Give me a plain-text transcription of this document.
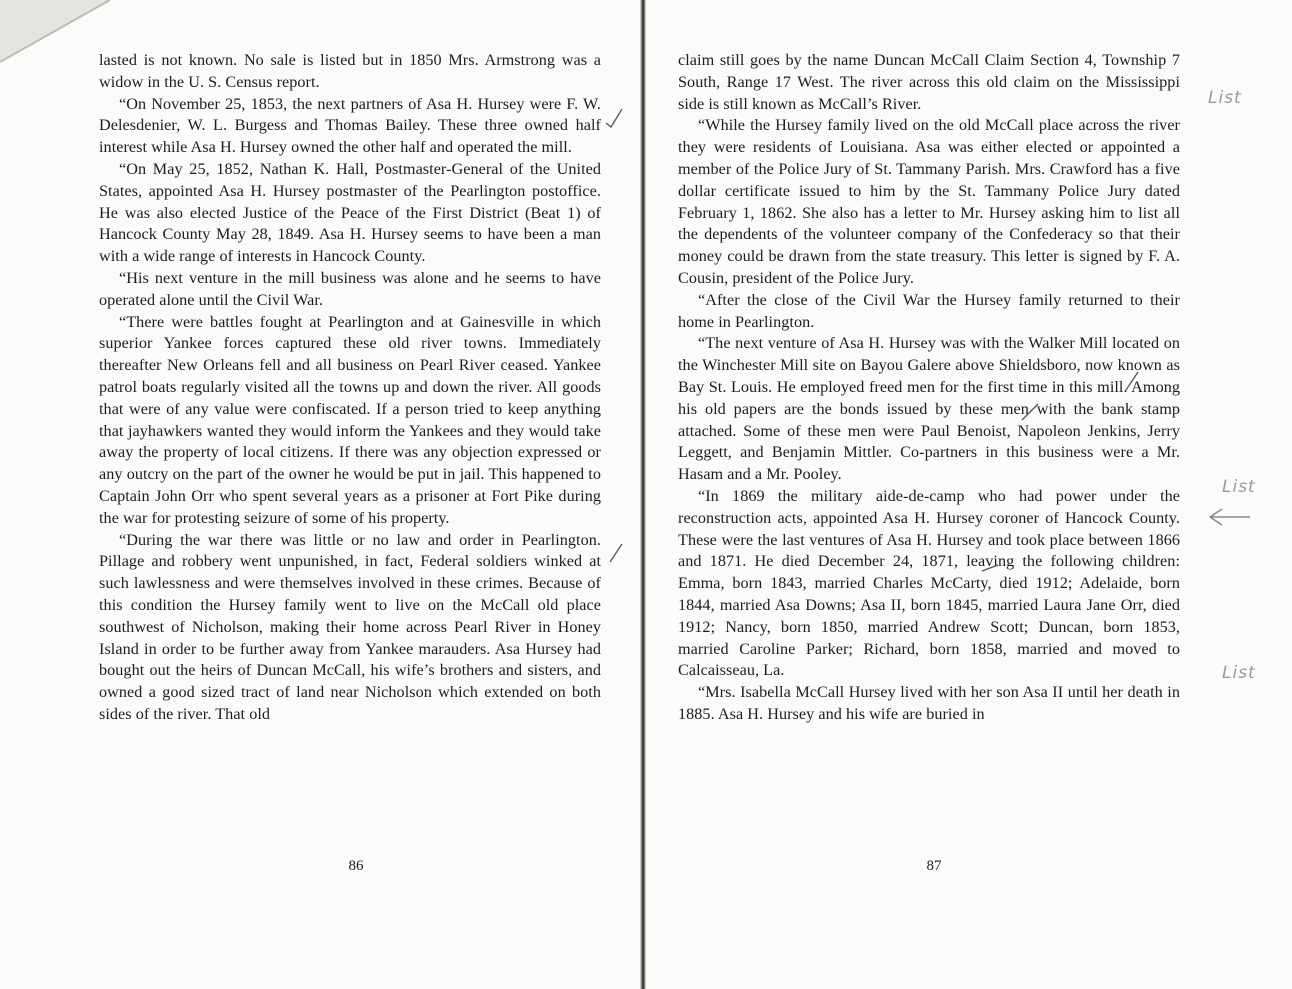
lasted is not known. No sale is listed but in 1850 Mrs. Armstrong was a widow in the U. S. Census report.

“On November 25, 1853, the next partners of Asa H. Hursey were F. W. Delesdenier, W. L. Burgess and Thomas Bailey. These three owned half interest while Asa H. Hursey owned the other half and operated the mill.

“On May 25, 1852, Nathan K. Hall, Postmaster-General of the United States, appointed Asa H. Hursey postmaster of the Pearlington postoffice. He was also elected Justice of the Peace of the First District (Beat 1) of Hancock County May 28, 1849. Asa H. Hursey seems to have been a man with a wide range of interests in Hancock County.

“His next venture in the mill business was alone and he seems to have operated alone until the Civil War.

“There were battles fought at Pearlington and at Gainesville in which superior Yankee forces captured these old river towns. Immediately thereafter New Orleans fell and all business on Pearl River ceased. Yankee patrol boats regularly visited all the towns up and down the river. All goods that were of any value were confiscated. If a person tried to keep anything that jayhawkers wanted they would inform the Yankees and they would take away the property of local citizens. If there was any objection expressed or any outcry on the part of the owner he would be put in jail. This happened to Captain John Orr who spent several years as a prisoner at Fort Pike during the war for protesting seizure of some of his property.

“During the war there was little or no law and order in Pearlington. Pillage and robbery went unpunished, in fact, Federal soldiers winked at such lawlessness and were themselves involved in these crimes. Because of this condition the Hursey family went to live on the McCall old place southwest of Nicholson, making their home across Pearl River in Honey Island in order to be further away from Yankee marauders. Asa Hursey had bought out the heirs of Duncan McCall, his wife’s brothers and sisters, and owned a good sized tract of land near Nicholson which extended on both sides of the river. That old

86

claim still goes by the name Duncan McCall Claim Section 4, Township 7 South, Range 17 West. The river across this old claim on the Mississippi side is still known as McCall’s River.

“While the Hursey family lived on the old McCall place across the river they were residents of Louisiana. Asa was either elected or appointed a member of the Police Jury of St. Tammany Parish. Mrs. Crawford has a five dollar certificate issued to him by the St. Tammany Police Jury dated February 1, 1862. She also has a letter to Mr. Hursey asking him to list all the dependents of the volunteer company of the Confederacy so that their money could be drawn from the state treasury. This letter is signed by F. A. Cousin, president of the Police Jury.

“After the close of the Civil War the Hursey family returned to their home in Pearlington.

“The next venture of Asa H. Hursey was with the Walker Mill located on the Winchester Mill site on Bayou Galere above Shieldsboro, now known as Bay St. Louis. He employed freed men for the first time in this mill. Among his old papers are the bonds issued by these men with the bank stamp attached. Some of these men were Paul Benoist, Napoleon Jenkins, Jerry Leggett, and Benjamin Mittler. Co-partners in this business were a Mr. Hasam and a Mr. Pooley.

“In 1869 the military aide-de-camp who had power under the reconstruction acts, appointed Asa H. Hursey coroner of Hancock County. These were the last ventures of Asa H. Hursey and took place between 1866 and 1871. He died December 24, 1871, leaving the following children: Emma, born 1843, married Charles McCarty, died 1912; Adelaide, born 1844, married Asa Downs; Asa II, born 1845, married Laura Jane Orr, died 1912; Nancy, born 1850, married Andrew Scott; Duncan, born 1853, married Caroline Parker; Richard, born 1858, married and moved to Calcaisseau, La.

“Mrs. Isabella McCall Hursey lived with her son Asa II until her death in 1885. Asa H. Hursey and his wife are buried in

87
List
List
List
